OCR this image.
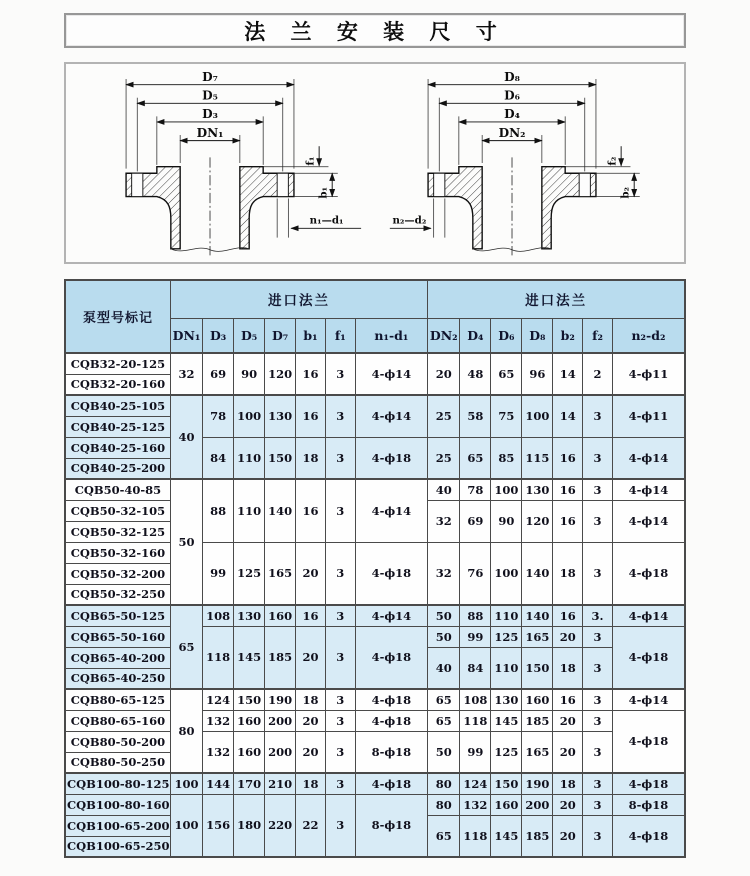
法 兰 安 装 尺 寸
D₇
D₅
D₃
DN₁
f₁
b₁
n₁—d₁
D₈
D₆
D₄
DN₂
f₂
b₂
n₂—d₂
泵型号标记	进口法兰							进口法兰						
	DN₁	D₃	D₅	D₇	b₁	f₁	n₁-d₁	DN₂	D₄	D₆	D₈	b₂	f₂	n₂-d₂
CQB32-20-125	32	69	90	120	16	3	4-ϕ14	20	48	65	96	14	2	4-ϕ11
CQB32-20-160														
CQB40-25-105	40	78	100	130	16	3	4-ϕ14	25	58	75	100	14	3	4-ϕ11
CQB40-25-125														
CQB40-25-160		84	110	150	18	3	4-ϕ18	25	65	85	115	16	3	4-ϕ14
CQB40-25-200														
CQB50-40-85	50	88	110	140	16	3	4-ϕ14	40	78	100	130	16	3	4-ϕ14
CQB50-32-105								32	69	90	120	16	3	4-ϕ14
CQB50-32-125														
CQB50-32-160		99	125	165	20	3	4-ϕ18	32	76	100	140	18	3	4-ϕ18
CQB50-32-200														
CQB50-32-250														
CQB65-50-125	65	108	130	160	16	3	4-ϕ14	50	88	110	140	16	3.	4-ϕ14
CQB65-50-160		118	145	185	20	3	4-ϕ18	50	99	125	165	20	3	4-ϕ18
CQB65-40-200								40	84	110	150	18	3	
CQB65-40-250														
CQB80-65-125	80	124	150	190	18	3	4-ϕ18	65	108	130	160	16	3	4-ϕ14
CQB80-65-160		132	160	200	20	3	4-ϕ18	65	118	145	185	20	3	4-ϕ18
CQB80-50-200		132	160	200	20	3	8-ϕ18	50	99	125	165	20	3	
CQB80-50-250														
CQB100-80-125	100	144	170	210	18	3	4-ϕ18	80	124	150	190	18	3	4-ϕ18
CQB100-80-160	100	156	180	220	22	3	8-ϕ18	80	132	160	200	20	3	8-ϕ18
CQB100-65-200								65	118	145	185	20	3	4-ϕ18
CQB100-65-250														
